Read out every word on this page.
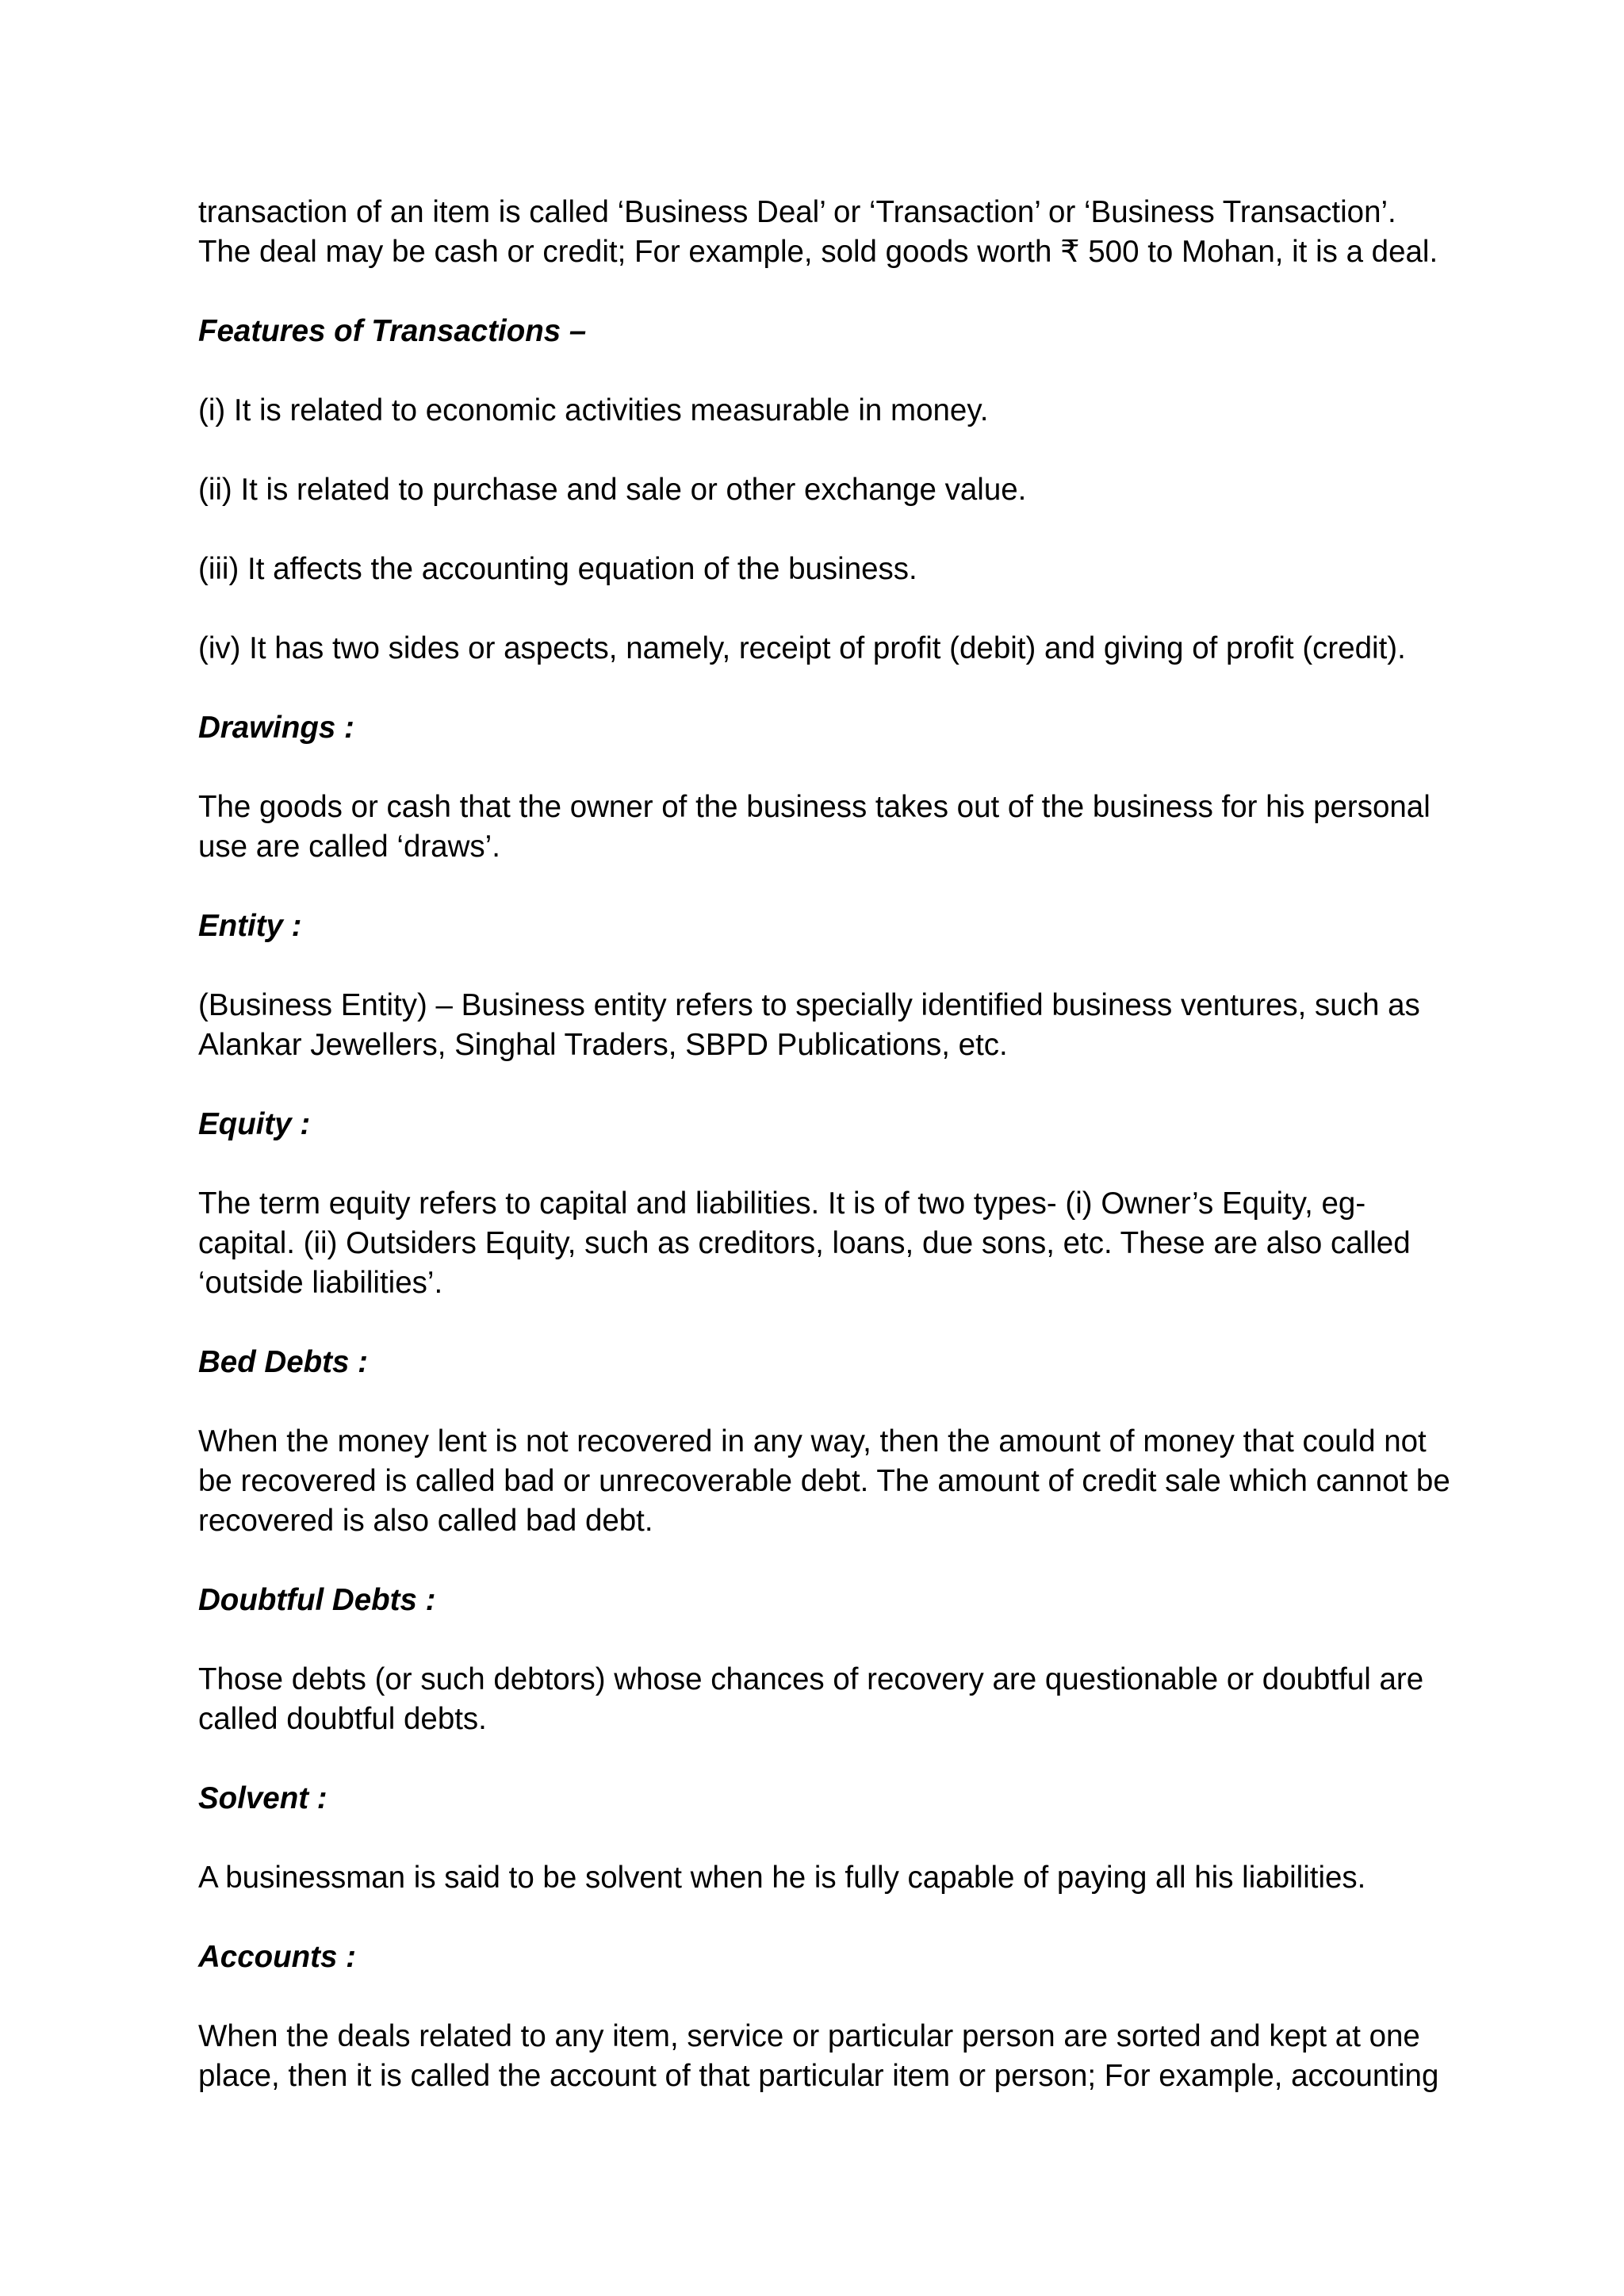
transaction of an item is called ‘Business Deal’ or ‘Transaction’ or ‘Business Transaction’.
The deal may be cash or credit; For example, sold goods worth ₹ 500 to Mohan, it is a deal.

Features of Transactions –

(i) It is related to economic activities measurable in money.

(ii) It is related to purchase and sale or other exchange value.

(iii) It affects the accounting equation of the business.

(iv) It has two sides or aspects, namely, receipt of profit (debit) and giving of profit (credit).

Drawings :

The goods or cash that the owner of the business takes out of the business for his personal
use are called ‘draws’.

Entity :

(Business Entity) – Business entity refers to specially identified business ventures, such as
Alankar Jewellers, Singhal Traders, SBPD Publications, etc.

Equity :

The term equity refers to capital and liabilities. It is of two types- (i) Owner’s Equity, eg-
capital. (ii) Outsiders Equity, such as creditors, loans, due sons, etc. These are also called
‘outside liabilities’.

Bed Debts :

When the money lent is not recovered in any way, then the amount of money that could not
be recovered is called bad or unrecoverable debt. The amount of credit sale which cannot be
recovered is also called bad debt.

Doubtful Debts :

Those debts (or such debtors) whose chances of recovery are questionable or doubtful are
called doubtful debts.

Solvent :

A businessman is said to be solvent when he is fully capable of paying all his liabilities.

Accounts :

When the deals related to any item, service or particular person are sorted and kept at one
place, then it is called the account of that particular item or person; For example, accounting
